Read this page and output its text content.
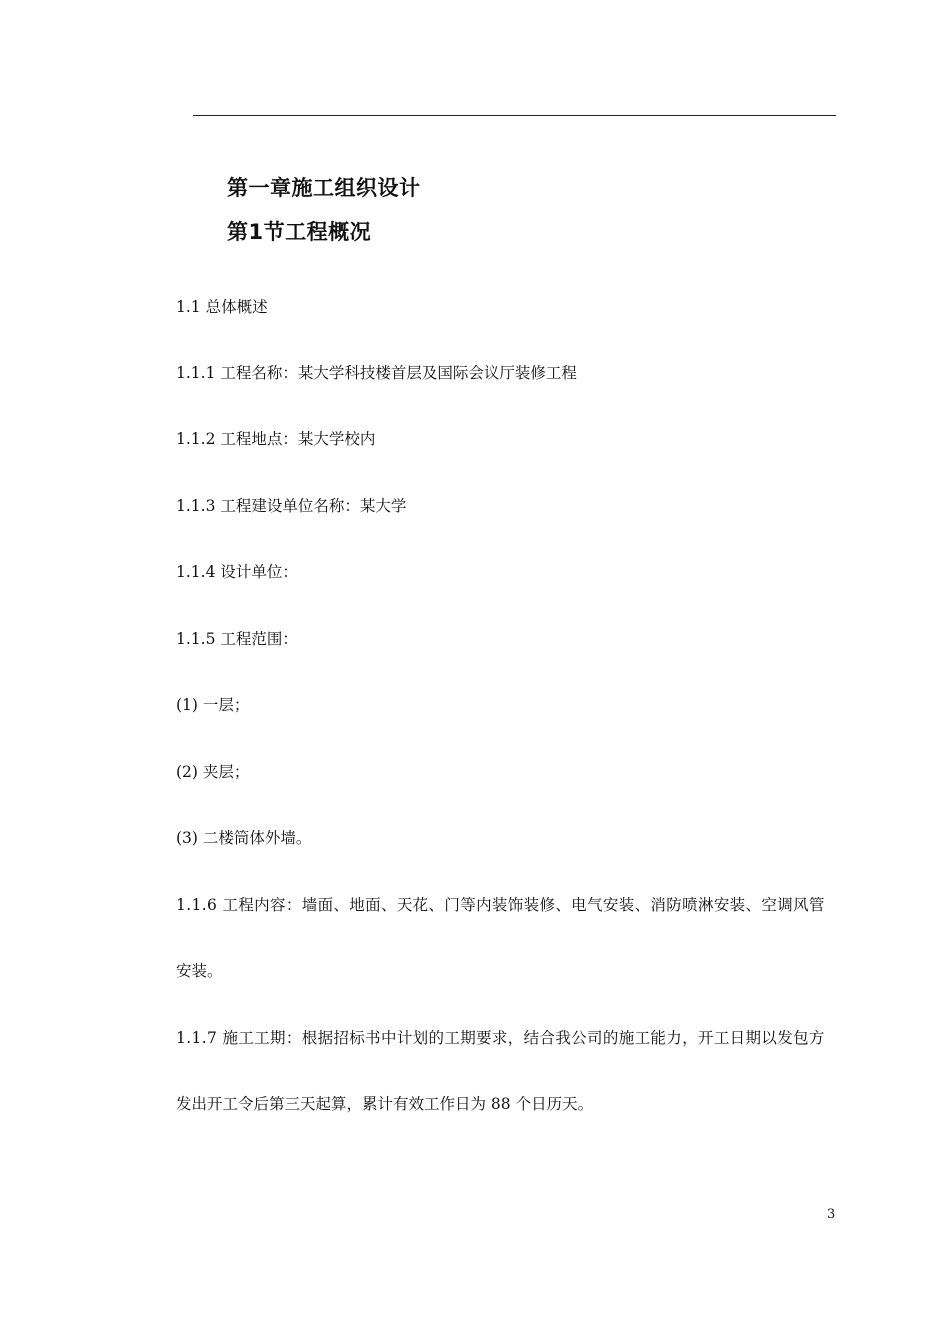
第一章施工组织设计
第1节工程概况
1.1 总体概述
1.1.1 工程名称：某大学科技楼首层及国际会议厅装修工程
1.1.2 工程地点：某大学校内
1.1.3 工程建设单位名称：某大学
1.1.4 设计单位：
1.1.5 工程范围：
(1) 一层；
(2) 夹层；
(3) 二楼筒体外墙。
1.1.6 工程内容：墙面、地面、天花、门等内装饰装修、电气安装、消防喷淋安装、空调风管
安装。
1.1.7 施工工期：根据招标书中计划的工期要求，结合我公司的施工能力，开工日期以发包方
发出开工令后第三天起算，累计有效工作日为 88 个日历天。
3
